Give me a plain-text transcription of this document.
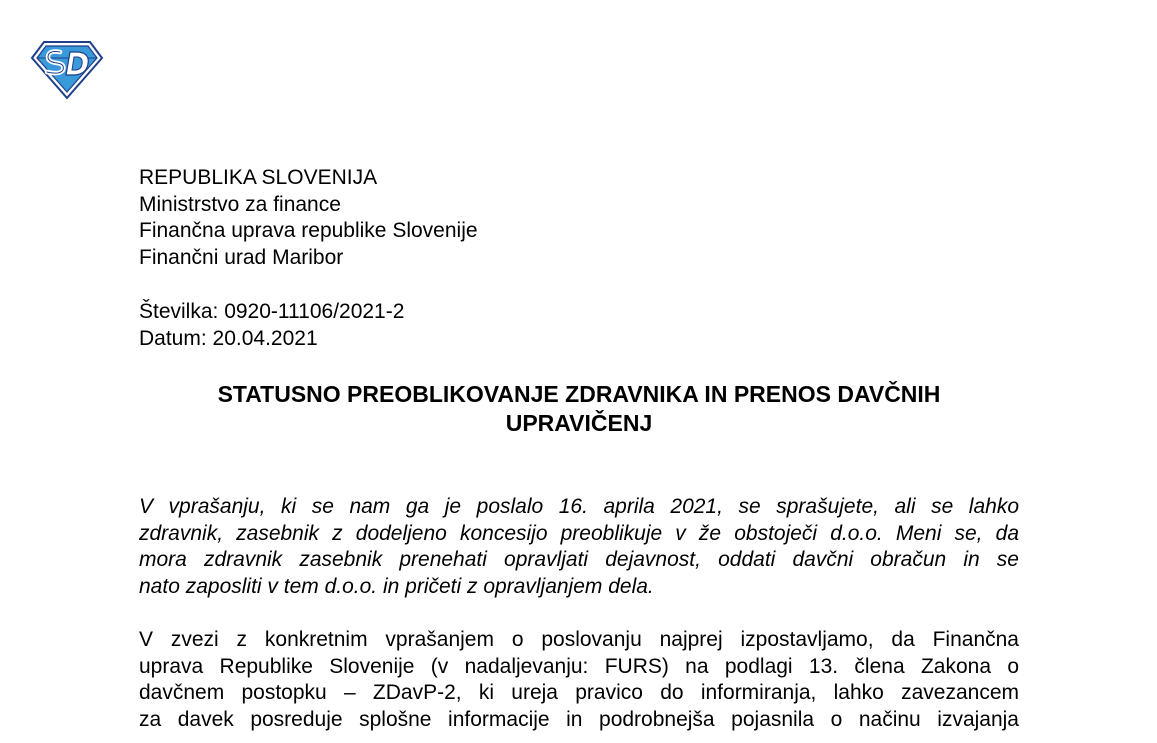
REPUBLIKA SLOVENIJA
Ministrstvo za finance
Finančna uprava republike Slovenije
Finančni urad Maribor
Številka: 0920-11106/2021-2
Datum: 20.04.2021
STATUSNO PREOBLIKOVANJE ZDRAVNIKA IN PRENOS DAVČNIH
UPRAVIČENJ
V vprašanju, ki se nam ga je poslalo 16. aprila 2021, se sprašujete, ali se lahko
zdravnik, zasebnik z dodeljeno koncesijo preoblikuje v že obstoječi d.o.o. Meni se, da
mora zdravnik zasebnik prenehati opravljati dejavnost, oddati davčni obračun in se
nato zaposliti v tem d.o.o. in pričeti z opravljanjem dela.
V zvezi z konkretnim vprašanjem o poslovanju najprej izpostavljamo, da Finančna
uprava Republike Slovenije (v nadaljevanju: FURS) na podlagi 13. člena Zakona o
davčnem postopku – ZDavP-2, ki ureja pravico do informiranja, lahko zavezancem
za davek posreduje splošne informacije in podrobnejša pojasnila o načinu izvajanja
